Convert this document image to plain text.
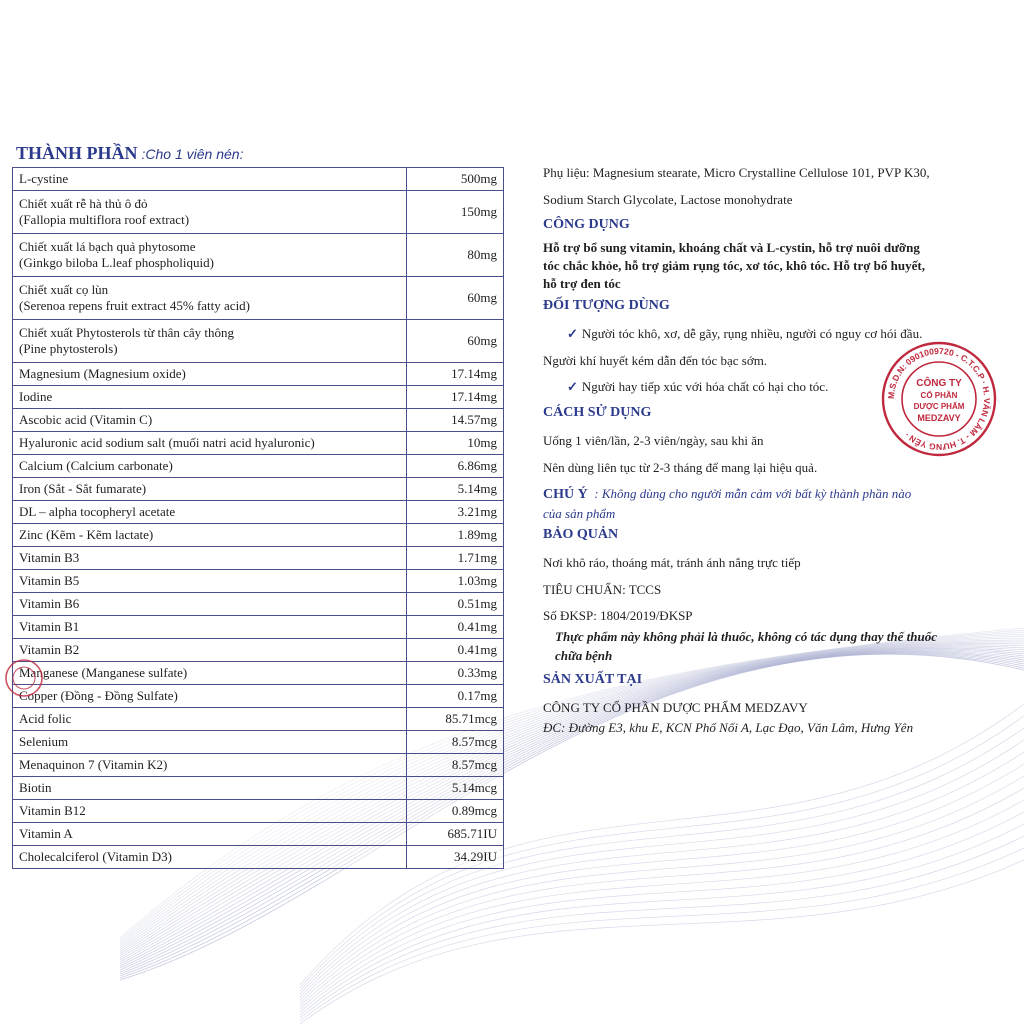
THÀNH PHẦN :Cho 1 viên nén:
L-cystine	500mg

Chiết xuất rễ hà thủ ô đỏ
(Fallopia multiflora roof extract)	150mg

Chiết xuất lá bạch quả phytosome
(Ginkgo biloba L.leaf phospholiquid)	80mg

Chiết xuất cọ lùn
(Serenoa repens fruit extract 45% fatty acid)	60mg

Chiết xuất Phytosterols từ thân cây thông
(Pine phytosterols)	60mg

Magnesium (Magnesium oxide)	17.14mg

Iodine	17.14mg

Ascobic acid (Vitamin C)	14.57mg

Hyaluronic acid sodium salt (muối natri acid hyaluronic)	10mg

Calcium (Calcium carbonate)	6.86mg

Iron (Sắt - Sắt fumarate)	5.14mg

DL – alpha tocopheryl acetate	3.21mg

Zinc (Kẽm - Kẽm lactate)	1.89mg

Vitamin B3	1.71mg

Vitamin B5	1.03mg

Vitamin B6	0.51mg

Vitamin B1	0.41mg

Vitamin B2	0.41mg

Manganese (Manganese sulfate)	0.33mg

Copper (Đồng - Đồng Sulfate)	0.17mg

Acid folic	85.71mcg

Selenium	8.57mcg

Menaquinon 7 (Vitamin K2)	8.57mcg

Biotin	5.14mcg

Vitamin B12	0.89mcg

Vitamin A	685.71IU

Cholecalciferol (Vitamin D3)	34.29IU
Phụ liệu: Magnesium stearate, Micro Crystalline Cellulose 101, PVP K30,
Sodium Starch Glycolate, Lactose monohydrate
CÔNG DỤNG
Hỗ trợ bổ sung vitamin, khoáng chất và L-cystin, hỗ trợ nuôi dưỡng
tóc chắc khỏe, hỗ trợ giảm rụng tóc, xơ tóc, khô tóc. Hỗ trợ bổ huyết,
hỗ trợ đen tóc
ĐỐI TƯỢNG DÙNG
✓ Người tóc khô, xơ, dễ gãy, rụng nhiều, người có nguy cơ hói đầu.
Người khí huyết kém dẫn đến tóc bạc sớm.
✓ Người hay tiếp xúc với hóa chất có hại cho tóc.
CÁCH SỬ DỤNG
Uống 1 viên/lần, 2-3 viên/ngày, sau khi ăn
Nên dùng liên tục từ 2-3 tháng để mang lại hiệu quả.
CHÚ Ý : Không dùng cho người mẫn cảm với bất kỳ thành phần nào
của sản phẩm
BẢO QUẢN
Nơi khô ráo, thoáng mát, tránh ánh nắng trực tiếp
TIÊU CHUẨN: TCCS
Số ĐKSP: 1804/2019/ĐKSP
Thực phẩm này không phải là thuốc, không có tác dụng thay thế thuốc
chữa bệnh
SẢN XUẤT TẠI
CÔNG TY CỔ PHẦN DƯỢC PHẨM MEDZAVY
ĐC: Đường E3, khu E, KCN Phố Nối A, Lạc Đạo, Văn Lâm, Hưng Yên
M.S.D.N: 0901009720 - C.T.C.P · H. VĂN LÂM - T. HƯNG YÊN ·
CÔNG TY
CỔ PHẦN
DƯỢC PHẨM
MEDZAVY
